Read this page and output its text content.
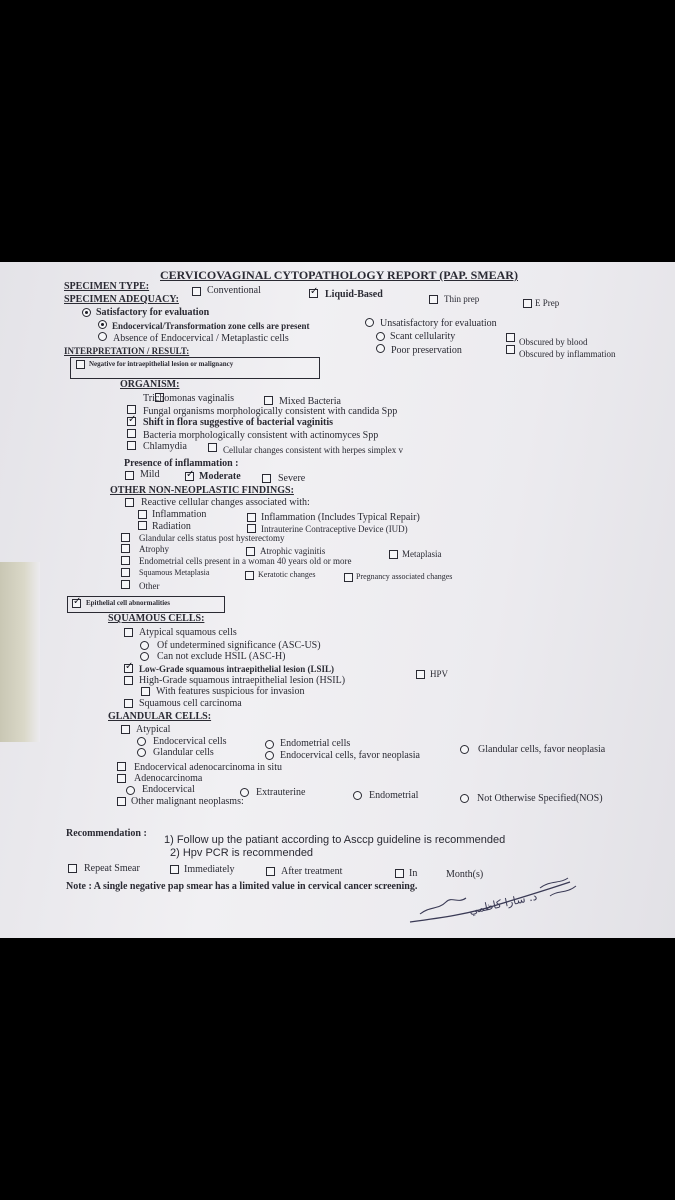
CERVICOVAGINAL CYTOPATHOLOGY REPORT (PAP. SMEAR)
SPECIMEN TYPE:	Conventional	✓ Liquid-Based	Thin prep	E Prep
SPECIMEN ADEQUACY:
Satisfactory for evaluation
Unsatisfactory for evaluation
Endocervical/Transformation zone cells are present
Scant cellularity	Obscured by blood
Absence of Endocervical / Metaplastic cells
Poor preservation	Obscured by inflammation
INTERPRETATION / RESULT:
Negative for intraepithelial lesion or malignancy
ORGANISM:
Trichomonas vaginalis	Mixed Bacteria
Fungal organisms morphologically consistent with candida Spp
✓ Shift in flora suggestive of bacterial vaginitis
Bacteria morphologically consistent with actinomyces Spp
Chlamydia	Cellular changes consistent with herpes simplex v
Presence of inflammation :
Mild	✓ Moderate	Severe
OTHER NON-NEOPLASTIC FINDINGS:
Reactive cellular changes associated with:
Inflammation	Inflammation (Includes Typical Repair)
Radiation	Intrauterine Contraceptive Device (IUD)
Glandular cells status post hysterectomy
Atrophy	Atrophic vaginitis	Metaplasia
Endometrial cells present in a woman 40 years old or more
Squamous Metaplasia	Keratotic changes	Pregnancy associated changes
Other
✓ Epithelial cell abnormalities
SQUAMOUS CELLS:
Atypical squamous cells
Of undetermined significance (ASC-US)
Can not exclude HSIL (ASC-H)
✓ Low-Grade squamous intraepithelial lesion (LSIL)	HPV
High-Grade squamous intraepithelial lesion (HSIL)
With features suspicious for invasion
Squamous cell carcinoma
GLANDULAR CELLS:
Atypical
Endocervical cells	Endometrial cells
Glandular cells, favor neoplasia
Glandular cells	Endocervical cells, favor neoplasia
Endocervical adenocarcinoma in situ
Adenocarcinoma
Endocervical	Extrauterine	Endometrial	Not Otherwise Specified(NOS)
Other malignant neoplasms:
Recommendation :
1) Follow up the patiant according to Asccp guideline is recommended
2) Hpv PCR is recommended
Repeat Smear	Immediately	After treatment	In	Month(s)
Note : A single negative pap smear has a limited value in cervical cancer screening.
د. سارا كاظمي
